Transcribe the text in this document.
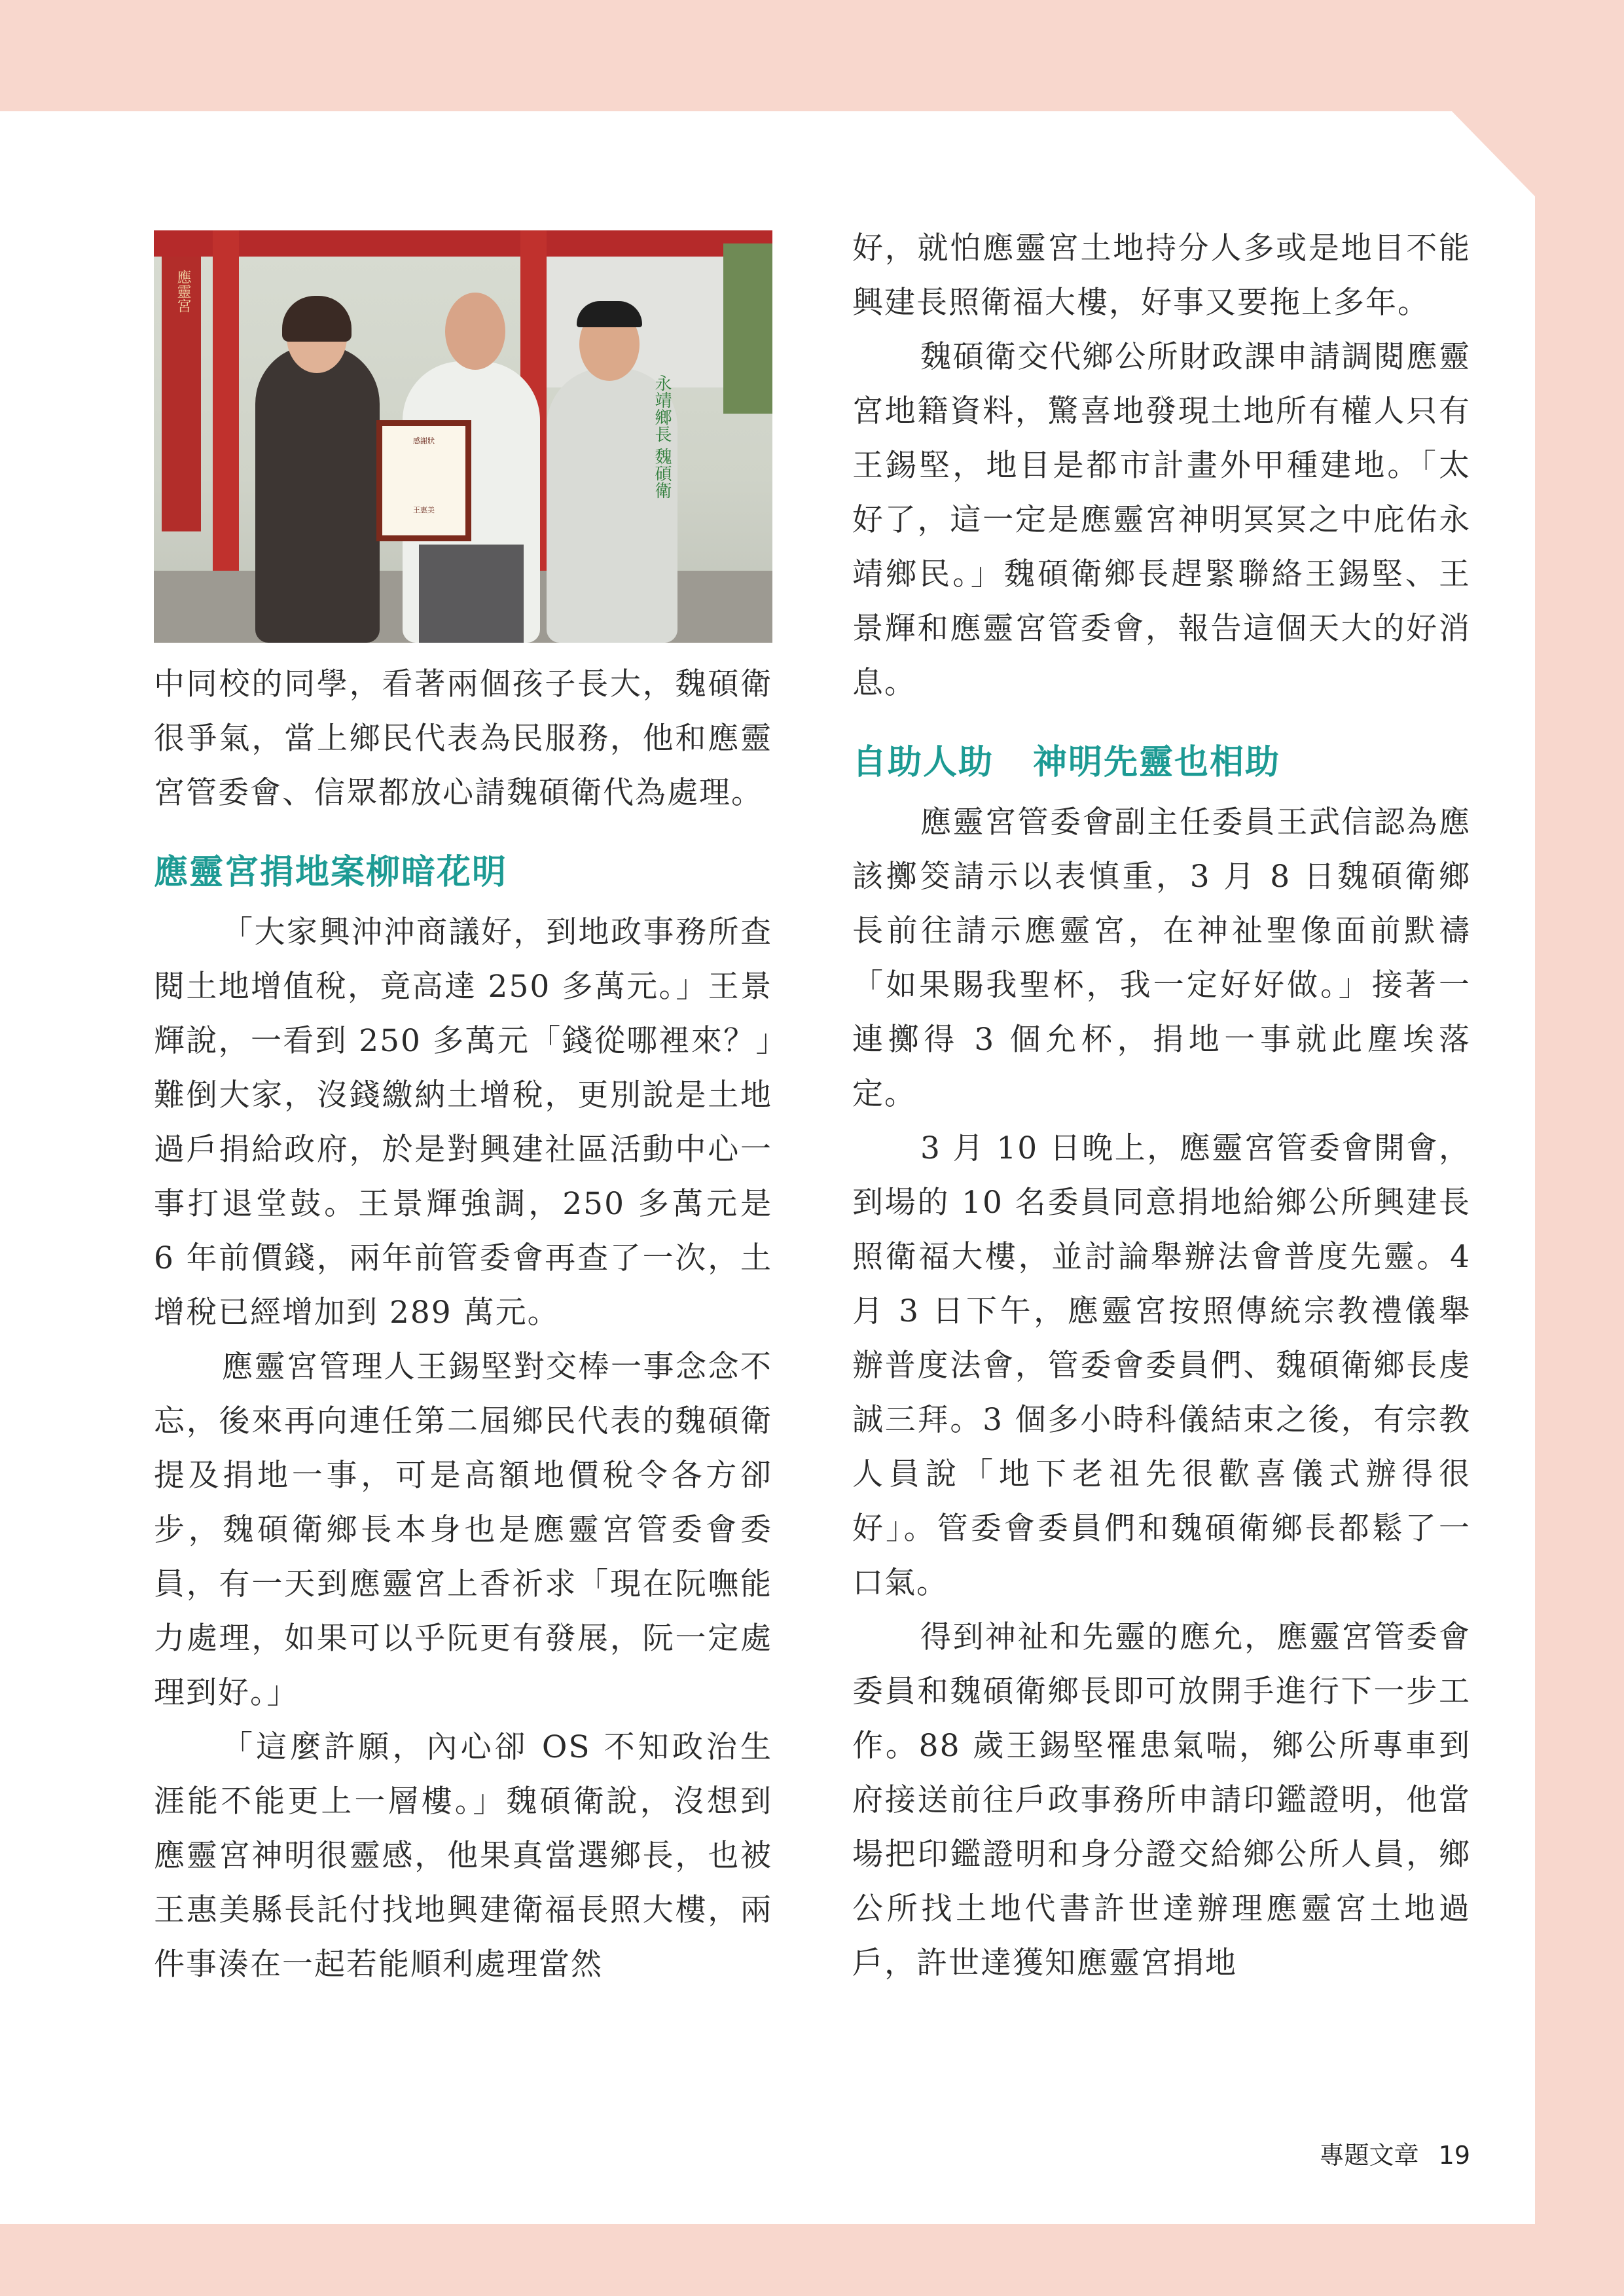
應靈宮
永靖鄉長 魏碩衛
感謝狀
王惠美

中同校的同學，看著兩個孩子長大，魏碩衛很爭氣，當上鄉民代表為民服務，他和應靈宮管委會、信眾都放心請魏碩衛代為處理。

應靈宮捐地案柳暗花明

「大家興沖沖商議好，到地政事務所查閱土地增值稅，竟高達 250 多萬元。」王景輝說，一看到 250 多萬元「錢從哪裡來？」難倒大家，沒錢繳納土增稅，更別說是土地過戶捐給政府，於是對興建社區活動中心一事打退堂鼓。王景輝強調，250 多萬元是 6 年前價錢，兩年前管委會再查了一次，土增稅已經增加到 289 萬元。

應靈宮管理人王錫堅對交棒一事念念不忘，後來再向連任第二屆鄉民代表的魏碩衛提及捐地一事，可是高額地價稅令各方卻步，魏碩衛鄉長本身也是應靈宮管委會委員，有一天到應靈宮上香祈求「現在阮嘸能力處理，如果可以乎阮更有發展，阮一定處理到好。」

「這麼許願，內心卻 OS 不知政治生涯能不能更上一層樓。」魏碩衛說，沒想到應靈宮神明很靈感，他果真當選鄉長，也被王惠美縣長託付找地興建衛福長照大樓，兩件事湊在一起若能順利處理當然

好，就怕應靈宮土地持分人多或是地目不能興建長照衛福大樓，好事又要拖上多年。

魏碩衛交代鄉公所財政課申請調閱應靈宮地籍資料，驚喜地發現土地所有權人只有王錫堅，地目是都市計畫外甲種建地。「太好了，這一定是應靈宮神明冥冥之中庇佑永靖鄉民。」魏碩衛鄉長趕緊聯絡王錫堅、王景輝和應靈宮管委會，報告這個天大的好消息。

自助人助 神明先靈也相助

應靈宮管委會副主任委員王武信認為應該擲筊請示以表慎重，3 月 8 日魏碩衛鄉長前往請示應靈宮，在神祉聖像面前默禱「如果賜我聖杯，我一定好好做。」接著一連擲得 3 個允杯，捐地一事就此塵埃落定。

3 月 10 日晚上，應靈宮管委會開會，到場的 10 名委員同意捐地給鄉公所興建長照衛福大樓，並討論舉辦法會普度先靈。4 月 3 日下午，應靈宮按照傳統宗教禮儀舉辦普度法會，管委會委員們、魏碩衛鄉長虔誠三拜。3 個多小時科儀結束之後，有宗教人員說「地下老祖先很歡喜儀式辦得很好」。管委會委員們和魏碩衛鄉長都鬆了一口氣。

得到神祉和先靈的應允，應靈宮管委會委員和魏碩衛鄉長即可放開手進行下一步工作。88 歲王錫堅罹患氣喘，鄉公所專車到府接送前往戶政事務所申請印鑑證明，他當場把印鑑證明和身分證交給鄉公所人員，鄉公所找土地代書許世達辦理應靈宮土地過戶，許世達獲知應靈宮捐地

專題文章 19
